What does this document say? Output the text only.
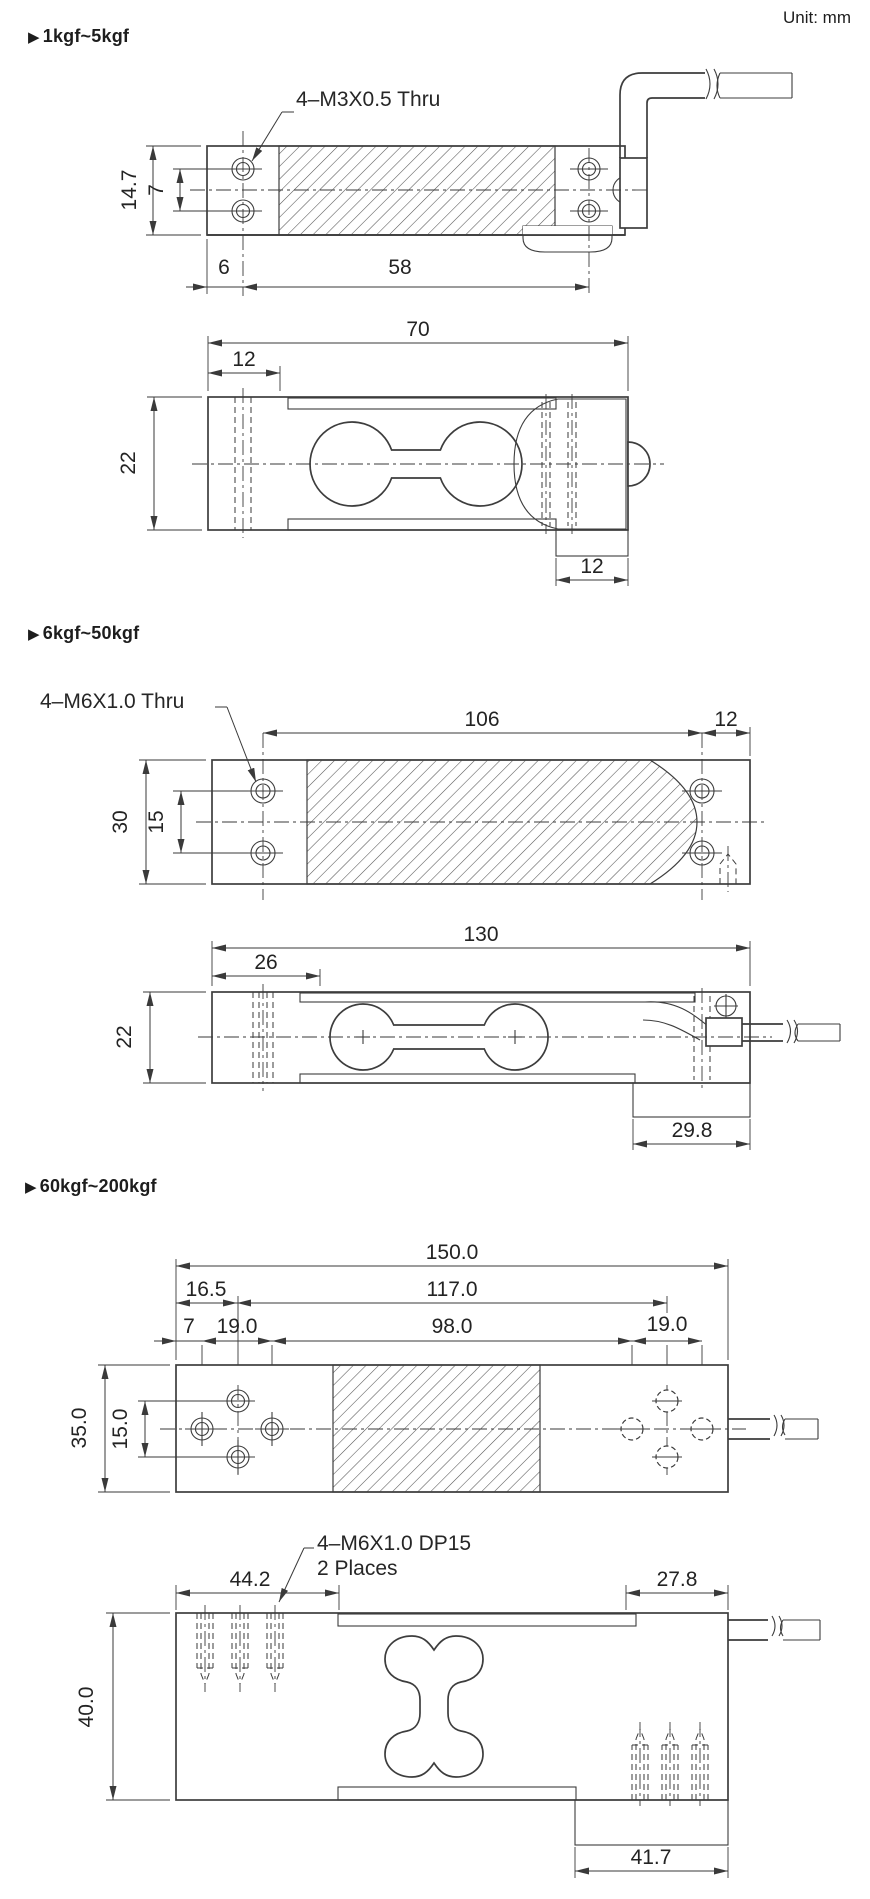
14.7 7
6	58
70
12
22
12
106	12
30 15
130
26
22
29.8
150.0
16.5	117.0
7 19.0	98.0	19.0
35.0 15.0
44.2	27.8
40.0
41.7
Unit: mm
▶ 1kgf~5kgf
4–M3X0.5 Thru
▶ 6kgf~50kgf
4–M6X1.0 Thru
▶ 60kgf~200kgf
4–M6X1.0 DP15
2 Places
